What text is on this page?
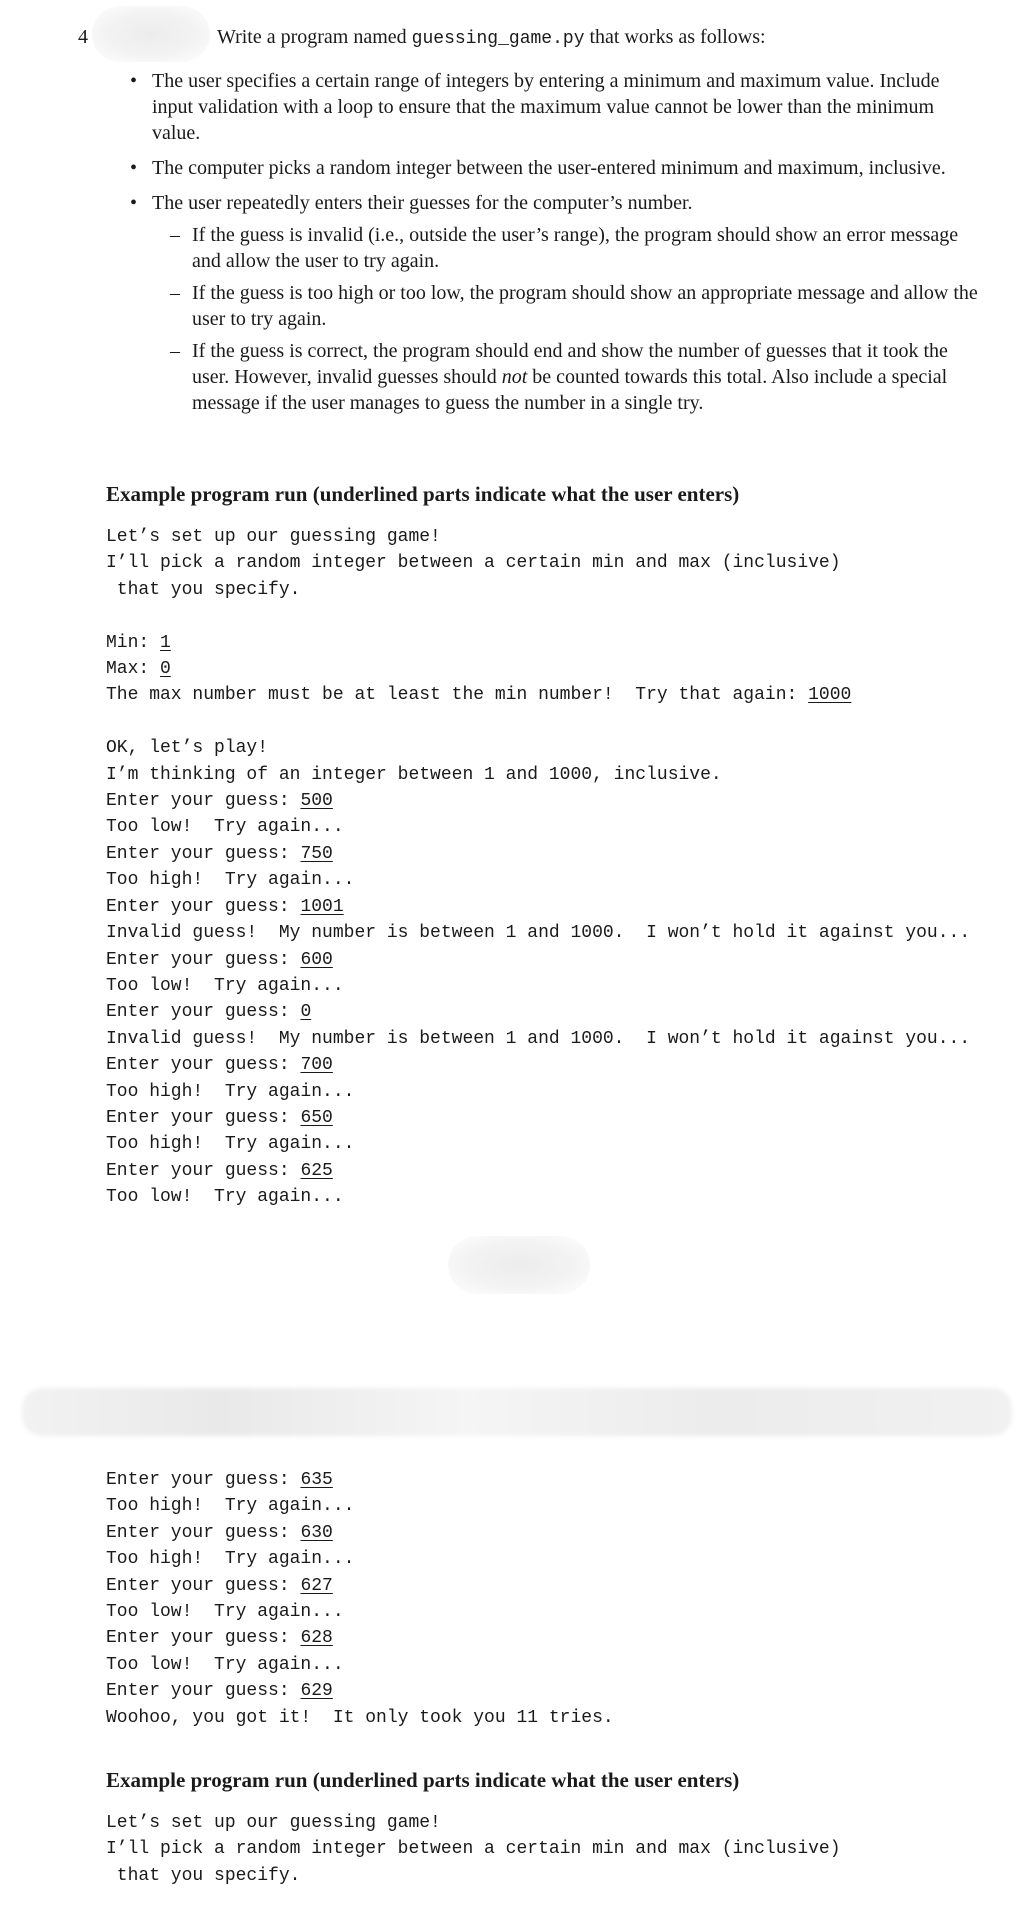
4	Write a program named guessing_game.py that works as follows:
• The user specifies a certain range of integers by entering a minimum and maximum value. Include input validation with a loop to ensure that the maximum value cannot be lower than the minimum value.
• The computer picks a random integer between the user-entered minimum and maximum, inclusive.
• The user repeatedly enters their guesses for the computer’s number.
– If the guess is invalid (i.e., outside the user’s range), the program should show an error message and allow the user to try again.
– If the guess is too high or too low, the program should show an appropriate message and allow the user to try again.
– If the guess is correct, the program should end and show the number of guesses that it took the user. However, invalid guesses should not be counted towards this total. Also include a special message if the user manages to guess the number in a single try.
Example program run (underlined parts indicate what the user enters)
Let’s set up our guessing game!
I’ll pick a random integer between a certain min and max (inclusive)
that you specify.

Min: 1
Max: 0
The max number must be at least the min number!  Try that again: 1000

OK, let’s play!
I’m thinking of an integer between 1 and 1000, inclusive.
Enter your guess: 500
Too low!  Try again...
Enter your guess: 750
Too high!  Try again...
Enter your guess: 1001
Invalid guess!  My number is between 1 and 1000.  I won’t hold it against you...
Enter your guess: 600
Too low!  Try again...
Enter your guess: 0
Invalid guess!  My number is between 1 and 1000.  I won’t hold it against you...
Enter your guess: 700
Too high!  Try again...
Enter your guess: 650
Too high!  Try again...
Enter your guess: 625
Too low!  Try again...
Enter your guess: 635
Too high!  Try again...
Enter your guess: 630
Too high!  Try again...
Enter your guess: 627
Too low!  Try again...
Enter your guess: 628
Too low!  Try again...
Enter your guess: 629
Woohoo, you got it!  It only took you 11 tries.
Example program run (underlined parts indicate what the user enters)
Let’s set up our guessing game!
I’ll pick a random integer between a certain min and max (inclusive)
that you specify.
